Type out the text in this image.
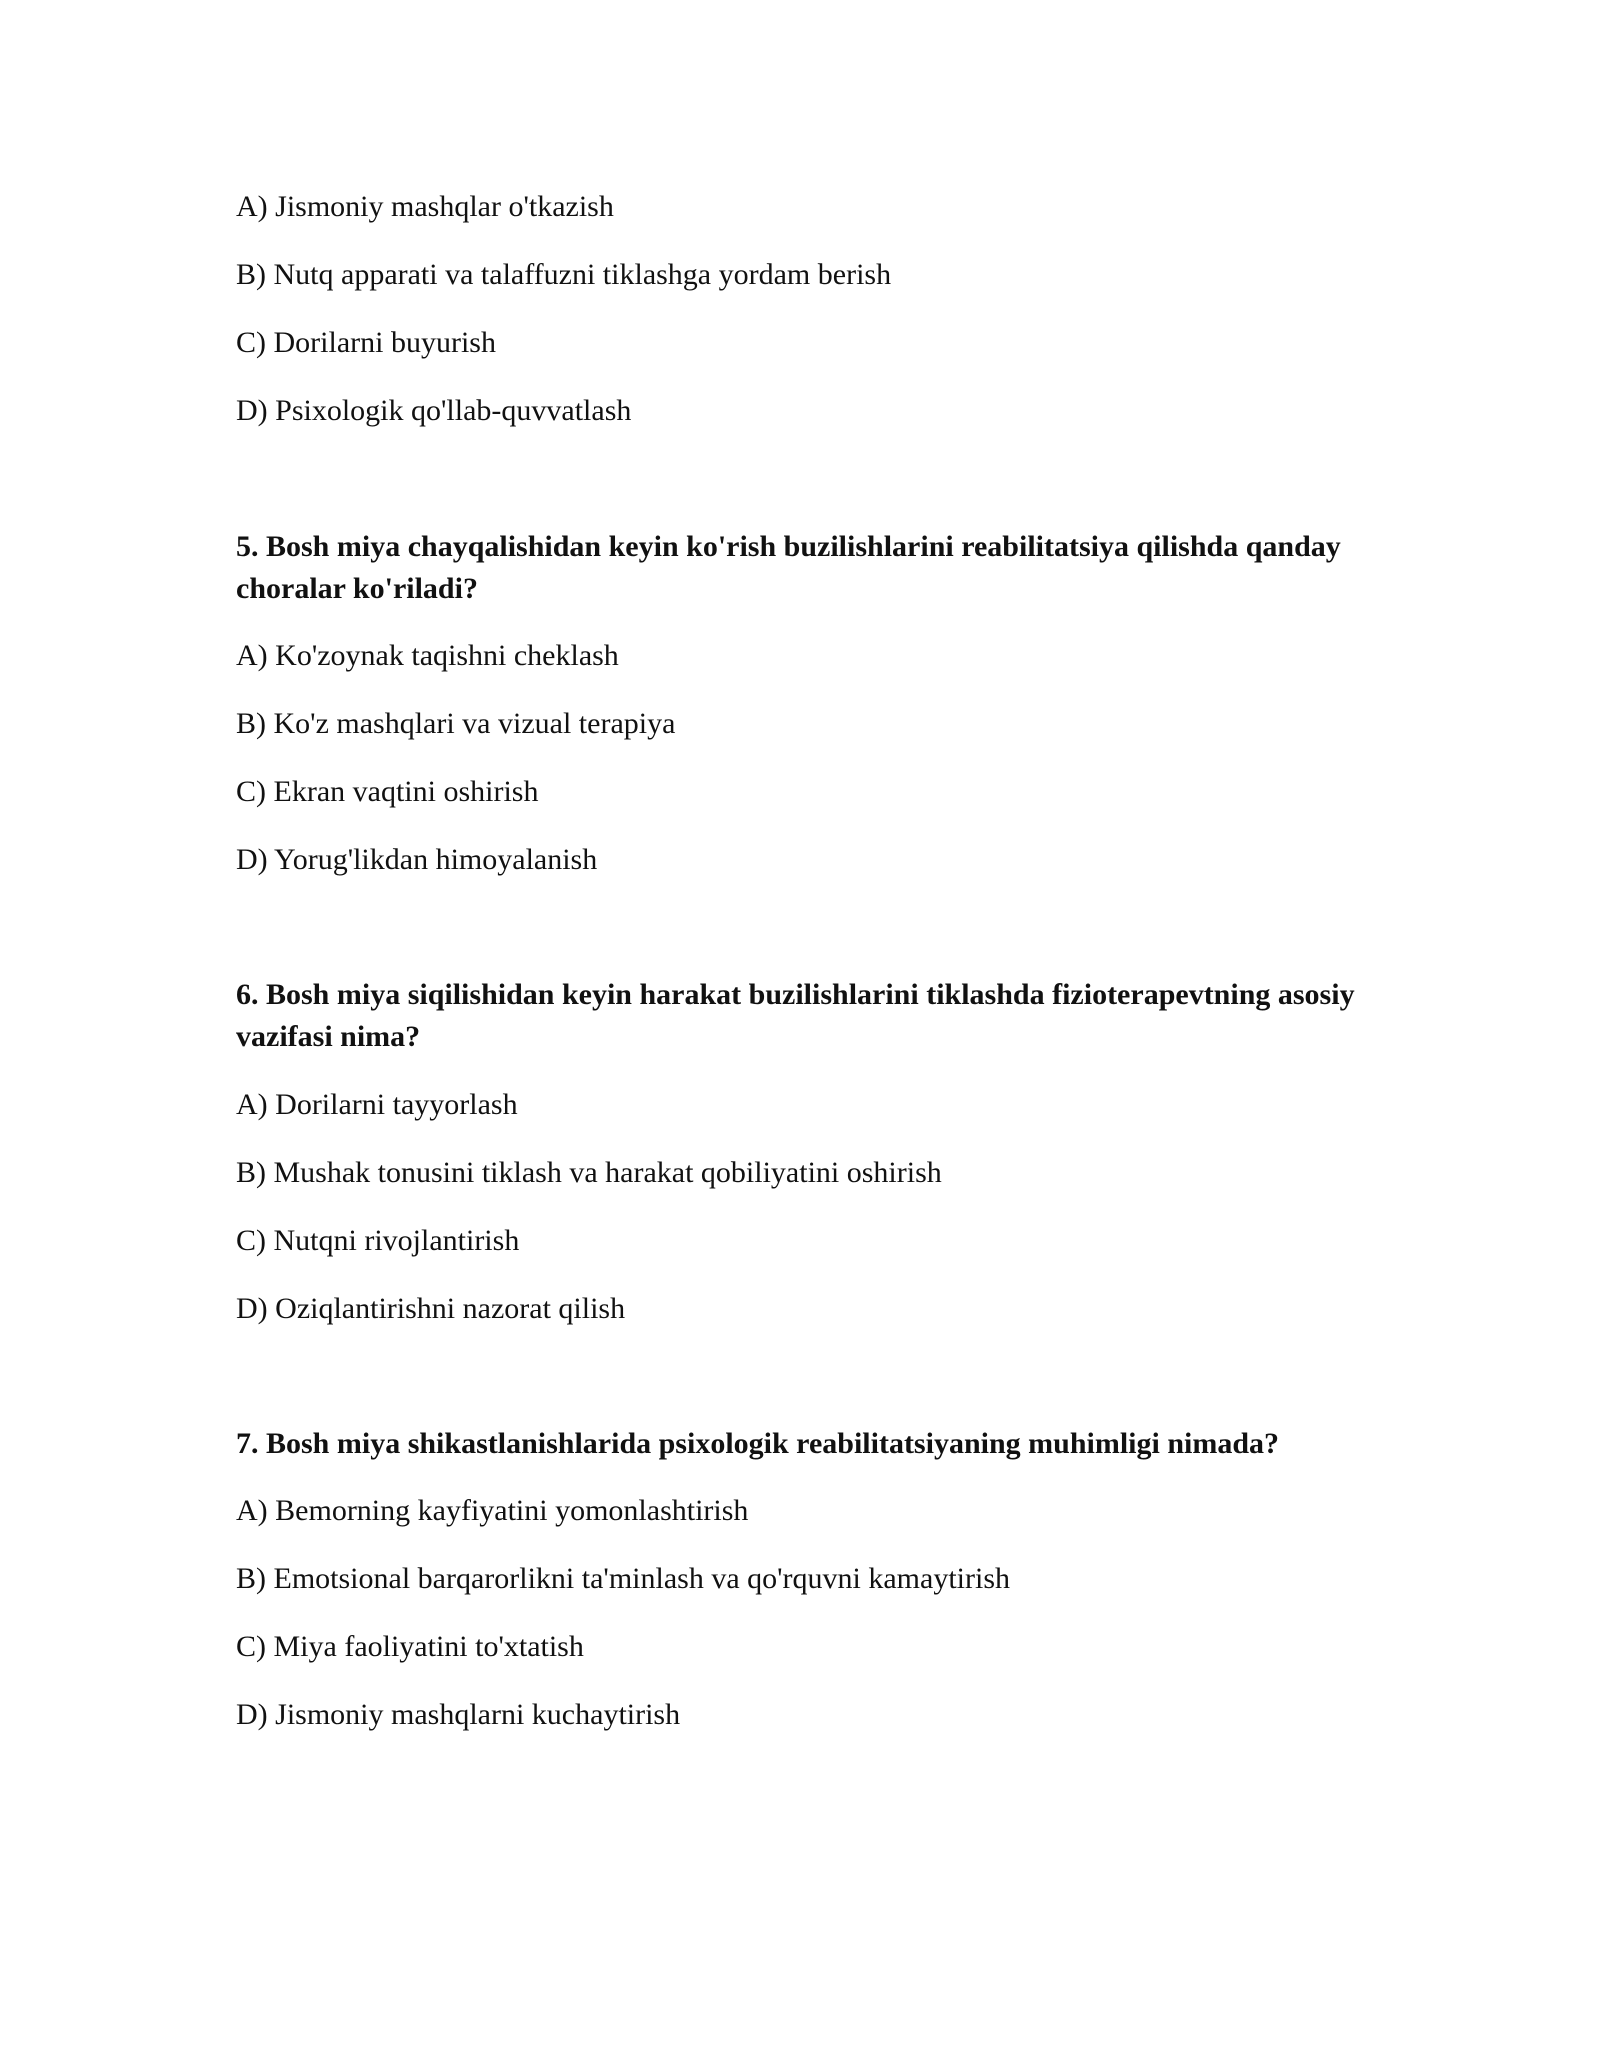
A) Jismoniy mashqlar o'tkazish
B) Nutq apparati va talaffuzni tiklashga yordam berish
C) Dorilarni buyurish
D) Psixologik qo'llab-quvvatlash
5. Bosh miya chayqalishidan keyin ko'rish buzilishlarini reabilitatsiya qilishda qanday choralar ko'riladi?
A) Ko'zoynak taqishni cheklash
B) Ko'z mashqlari va vizual terapiya
C) Ekran vaqtini oshirish
D) Yorug'likdan himoyalanish
6. Bosh miya siqilishidan keyin harakat buzilishlarini tiklashda fizioterapevtning asosiy vazifasi nima?
A) Dorilarni tayyorlash
B) Mushak tonusini tiklash va harakat qobiliyatini oshirish
C) Nutqni rivojlantirish
D) Oziqlantirishni nazorat qilish
7. Bosh miya shikastlanishlarida psixologik reabilitatsiyaning muhimligi nimada?
A) Bemorning kayfiyatini yomonlashtirish
B) Emotsional barqarorlikni ta'minlash va qo'rquvni kamaytirish
C) Miya faoliyatini to'xtatish
D) Jismoniy mashqlarni kuchaytirish
